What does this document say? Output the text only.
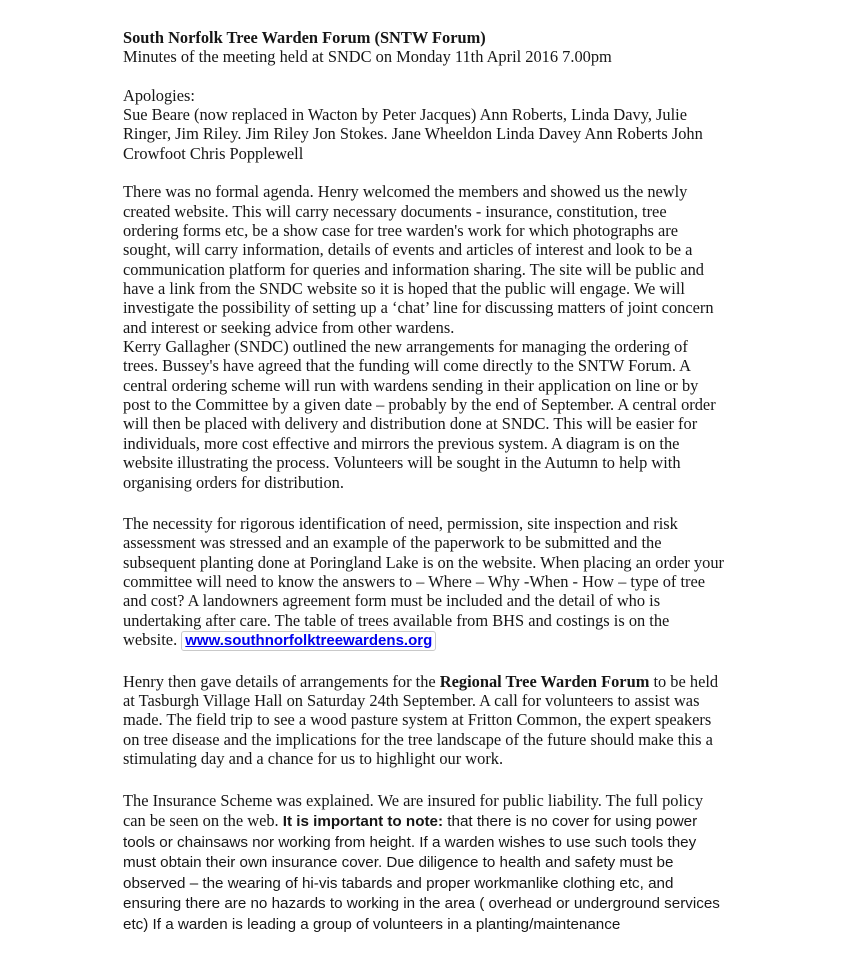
South Norfolk Tree Warden Forum (SNTW Forum)

Minutes of the meeting held at SNDC on Monday 11th April 2016 7.00pm

Apologies:

Sue Beare (now replaced in Wacton by Peter Jacques) Ann Roberts, Linda Davy, Julie Ringer, Jim Riley. Jim Riley Jon Stokes. Jane Wheeldon Linda Davey Ann Roberts John Crowfoot Chris Popplewell

There was no formal agenda. Henry welcomed the members and showed us the newly created website. This will carry necessary documents - insurance, constitution, tree ordering forms etc, be a show case for tree warden's work for which photographs are sought, will carry information, details of events and articles of interest and look to be a communication platform for queries and information sharing. The site will be public and have a link from the SNDC website so it is hoped that the public will engage. We will investigate the possibility of setting up a ‘chat’ line for discussing matters of joint concern and interest or seeking advice from other wardens.

Kerry Gallagher (SNDC) outlined the new arrangements for managing the ordering of trees. Bussey's have agreed that the funding will come directly to the SNTW Forum. A central ordering scheme will run with wardens sending in their application on line or by post to the Committee by a given date – probably by the end of September. A central order will then be placed with delivery and distribution done at SNDC. This will be easier for individuals, more cost effective and mirrors the previous system. A diagram is on the website illustrating the process. Volunteers will be sought in the Autumn to help with organising orders for distribution.

The necessity for rigorous identification of need, permission, site inspection and risk assessment was stressed and an example of the paperwork to be submitted and the subsequent planting done at Poringland Lake is on the website. When placing an order your committee will need to know the answers to – Where – Why -When - How – type of tree and cost? A landowners agreement form must be included and the detail of who is undertaking after care. The table of trees available from BHS and costings is on the website. www.southnorfolktreewardens.org

Henry then gave details of arrangements for the Regional Tree Warden Forum to be held at Tasburgh Village Hall on Saturday 24th September. A call for volunteers to assist was made. The field trip to see a wood pasture system at Fritton Common, the expert speakers on tree disease and the implications for the tree landscape of the future should make this a stimulating day and a chance for us to highlight our work.

The Insurance Scheme was explained. We are insured for public liability. The full policy can be seen on the web. It is important to note: that there is no cover for using power tools or chainsaws nor working from height. If a warden wishes to use such tools they must obtain their own insurance cover. Due diligence to health and safety must be observed – the wearing of hi-vis tabards and proper workmanlike clothing etc, and ensuring there are no hazards to working in the area ( overhead or underground services etc) If a warden is leading a group of volunteers in a planting/maintenance
